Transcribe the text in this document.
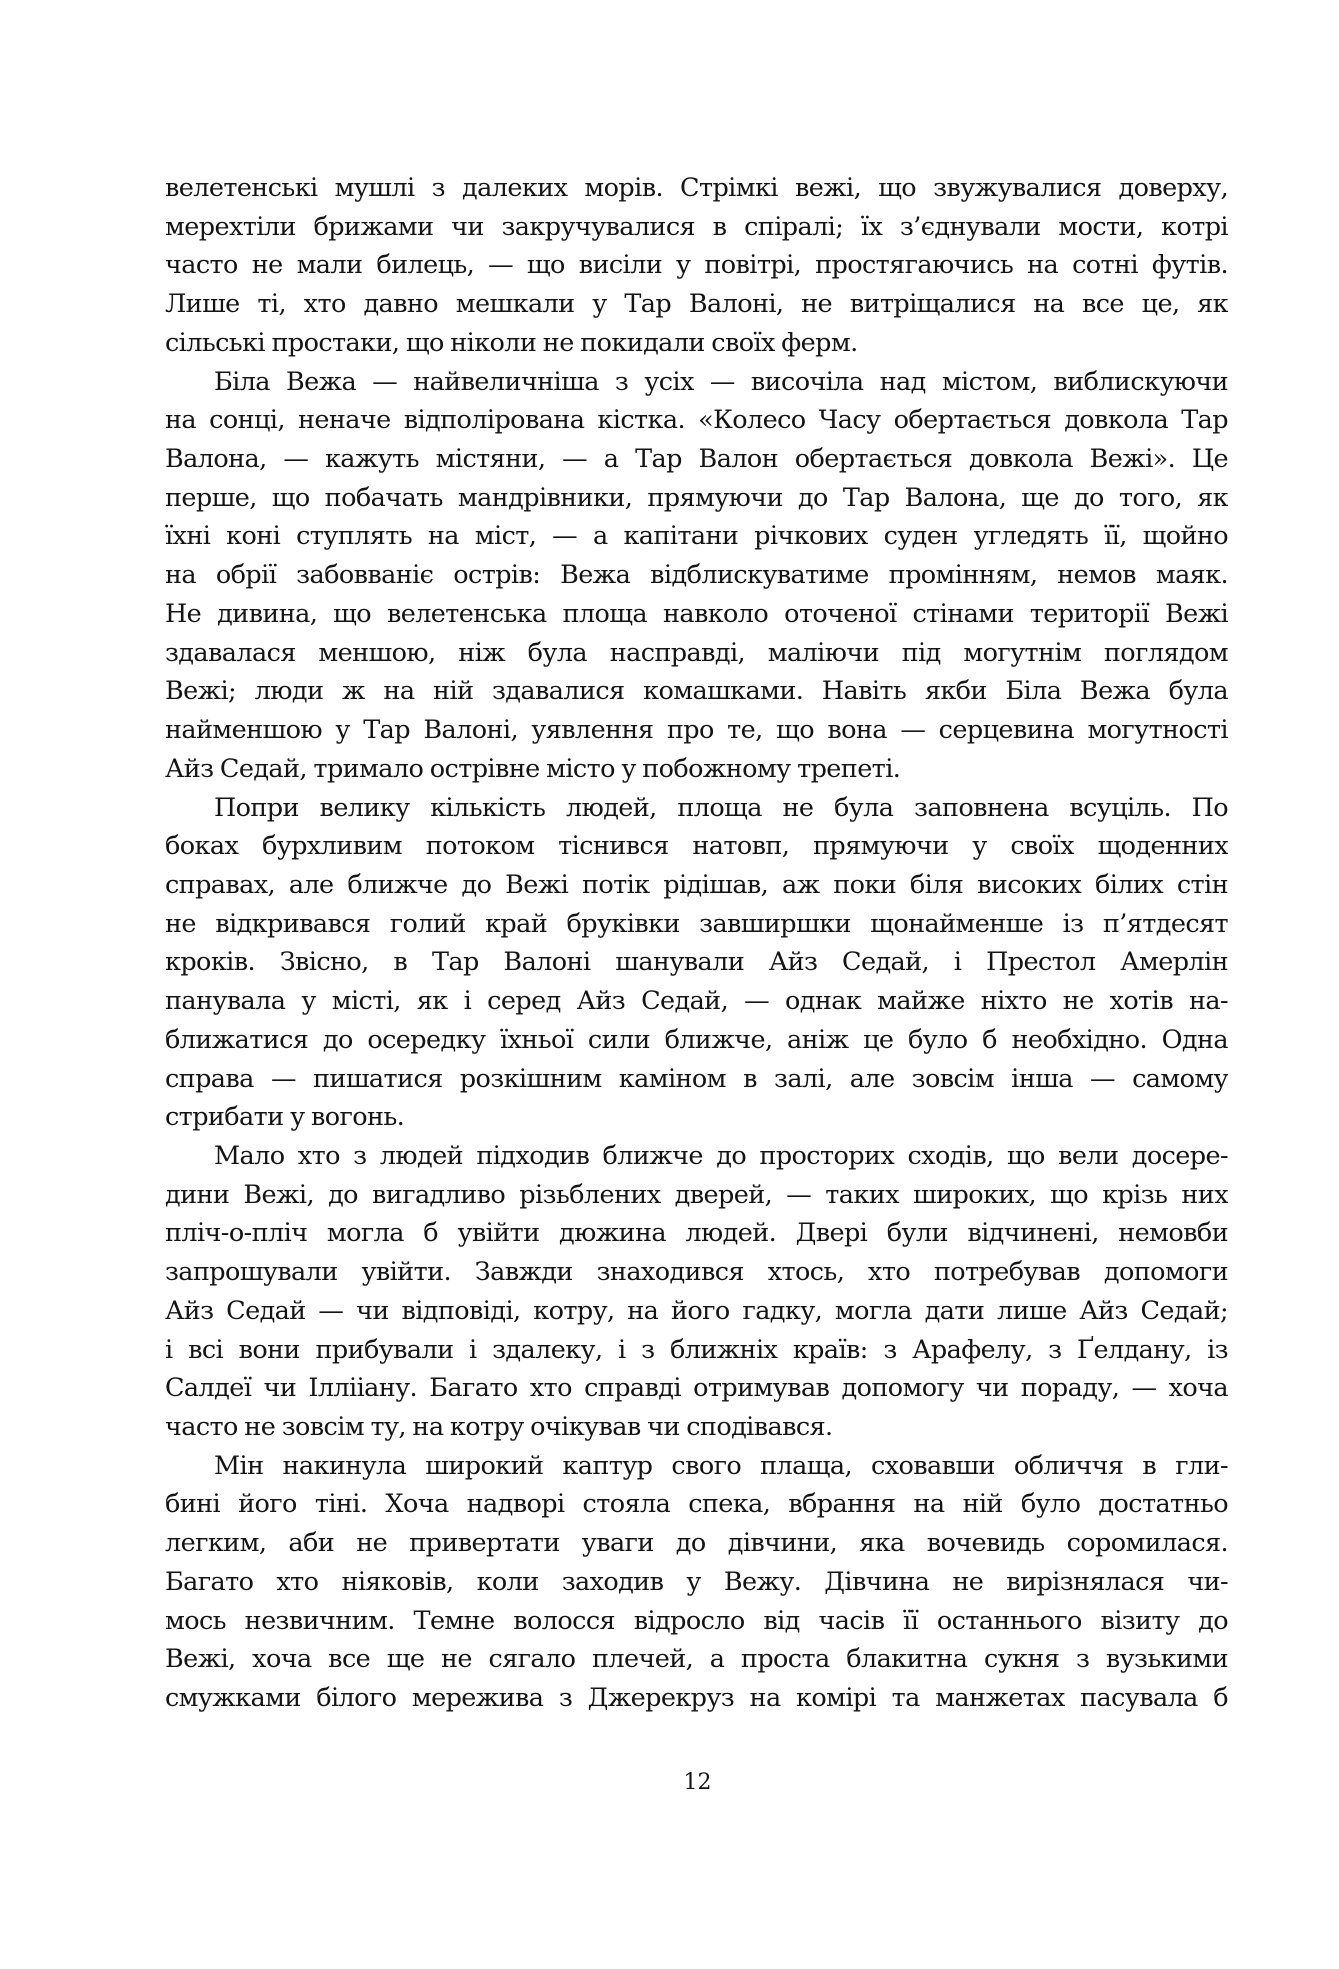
велетенські мушлі з далеких морів. Стрімкі вежі, що звужувалися доверху,
мерехтіли брижами чи закручувалися в спіралі; їх з’єднували мости, котрі
часто не мали билець, — що висіли у повітрі, простягаючись на сотні футів.
Лише ті, хто давно мешкали у Тар Валоні, не витріщалися на все це, як
сільські простаки, що ніколи не покидали своїх ферм.
Біла Вежа — найвеличніша з усіх — височіла над містом, виблискуючи
на сонці, неначе відполірована кістка. «Колесо Часу обертається довкола Тар
Валона, — кажуть містяни, — а Тар Валон обертається довкола Вежі». Це
перше, що побачать мандрівники, прямуючи до Тар Валона, ще до того, як
їхні коні ступлять на міст, — а капітани річкових суден угледять її, щойно
на обрії забовваніє острів: Вежа відблискуватиме промінням, немов маяк.
Не дивина, що велетенська площа навколо оточеної стінами території Вежі
здавалася меншою, ніж була насправді, маліючи під могутнім поглядом
Вежі; люди ж на ній здавалися комашками. Навіть якби Біла Вежа була
найменшою у Тар Валоні, уявлення про те, що вона — серцевина могутності
Айз Седай, тримало острівне місто у побожному трепеті.
Попри велику кількість людей, площа не була заповнена всуціль. По
боках бурхливим потоком тіснився натовп, прямуючи у своїх щоденних
справах, але ближче до Вежі потік рідішав, аж поки біля високих білих стін
не відкривався голий край бруківки завширшки щонайменше із п’ятдесят
кроків. Звісно, в Тар Валоні шанували Айз Седай, і Престол Амерлін
панувала у місті, як і серед Айз Седай, — однак майже ніхто не хотів на-
ближатися до осередку їхньої сили ближче, аніж це було б необхідно. Одна
справа — пишатися розкішним каміном в залі, але зовсім інша — самому
стрибати у вогонь.
Мало хто з людей підходив ближче до просторих сходів, що вели досере-
дини Вежі, до вигадливо різьблених дверей, — таких широких, що крізь них
пліч-о-пліч могла б увійти дюжина людей. Двері були відчинені, немовби
запрошували увійти. Завжди знаходився хтось, хто потребував допомоги
Айз Седай — чи відповіді, котру, на його гадку, могла дати лише Айз Седай;
і всі вони прибували і здалеку, і з ближніх країв: з Арафелу, з Ґелдану, із
Салдеї чи Іллііану. Багато хто справді отримував допомогу чи пораду, — хоча
часто не зовсім ту, на котру очікував чи сподівався.
Мін накинула широкий каптур свого плаща, сховавши обличчя в гли-
бині його тіні. Хоча надворі стояла спека, вбрання на ній було достатньо
легким, аби не привертати уваги до дівчини, яка вочевидь соромилася.
Багато хто ніяковів, коли заходив у Вежу. Дівчина не вирізнялася чи-
мось незвичним. Темне волосся відросло від часів її останнього візиту до
Вежі, хоча все ще не сягало плечей, а проста блакитна сукня з вузькими
смужками білого мереживa з Джерекруз на комірі та манжетах пасувала б
12
